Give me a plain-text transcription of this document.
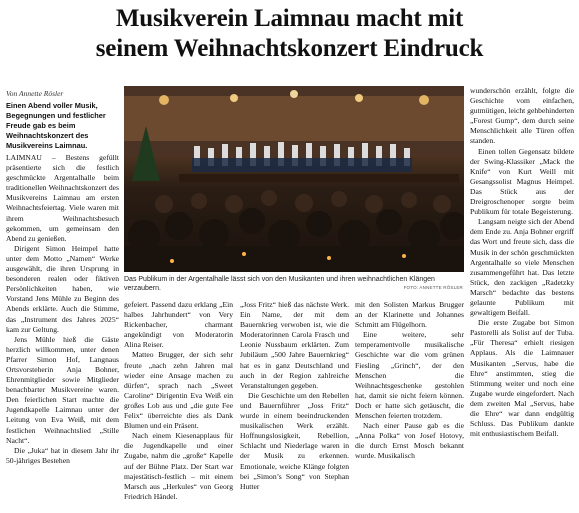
Musikverein Laimnau macht mit
seinem Weihnachtskonzert Eindruck
Von Annette Rösler
Einen Abend voller Musik, Begegnungen und festlicher Freude gab es beim Weihnachtskonzert des Musikvereins Laimnau.

LAIMNAU – Bestens gefüllt präsentierte sich die festlich geschmückte Argentalhalle beim traditionellen Weihnachtskonzert des Musikvereins Laimnau am ersten Weihnachtsfeiertag. Viele waren mit ihrem Weihnachtsbesuch gekommen, um gemeinsam den Abend zu genießen.

Dirigent Simon Heimpel hatte unter dem Motto „Namen“ Werke ausgewählt, die ihren Ursprung in besonderen realen oder fiktiven Persönlichkeiten haben, wie Vorstand Jens Mühle zu Beginn des Abends erklärte. Auch die Stimme, das „Instrument des Jahres 2025“ kam zur Geltung.

Jens Mühle hieß die Gäste herzlich willkommen, unter denen Pfarrer Simon Hof, Langnaus Ortsvorsteherin Anja Bohner, Ehrenmitglieder sowie Mitglieder benachbarter Musikvereine waren. Den feierlichen Start machte die Jugendkapelle Laimnau unter der Leitung von Eva Weiß, mit dem festlichen Weihnachtslied „Stille Nacht“.

Die „Juka“ hat in diesem Jahr ihr 50-jähriges Bestehen

Das Publikum in der Argentalhalle lässt sich von den Musikanten und ihren weihnachtlichen Klängen verzaubern.	FOTO: ANNETTE RÖSLER

gefeiert. Passend dazu erklang „Ein halbes Jahrhundert“ von Very Rickenbacher, charmant angekündigt von Moderatorin Alina Reiser.

Matteo Brugger, der sich sehr freute „nach zehn Jahren mal wieder eine Ansage machen zu dürfen“, sprach nach „Sweet Caroline“ Dirigentin Eva Weiß ein großes Lob aus und „die gute Fee Felix“ überreichte dies als Dank Blumen und ein Präsent.

Nach einem Kiesenapplaus für die Jugendkapelle und einer Zugabe, nahm die „große“ Kapelle auf der Bühne Platz. Der Start war majestätisch-festlich – mit einem Marsch aus „Herkules“ von Georg Friedrich Händel.

„Joss Fritz“ hieß das nächste Werk. Ein Name, der mit dem Bauernkrieg verwoben ist, wie die Moderatorinnen Carola Frasch und Leonie Nussbaum erklärten. Zum Jubiläum „500 Jahre Bauernkrieg“ hat es in ganz Deutschland und auch in der Region zahlreiche Veranstaltungen gegeben.

Die Geschichte um den Rebellen und Bauernführer „Joss Fritz“ wurde in einem beeindruckenden musikalischen Werk erzählt. Hoffnungslosigkeit, Rebellion, Schlacht und Niederlage waren in der Musik zu erkennen. Emotionale, weiche Klänge folgten bei „Simon’s Song“ von Stephan Hutter

mit den Solisten Markus Brugger an der Klarinette und Johannes Schmitt am Flügelhorn.

Eine weitere, sehr temperamentvolle musikalische Geschichte war die vom grünen Fiesling „Grinch“, der den Menschen die Weihnachtsgeschenke gestohlen hat, damit sie nicht feiern können. Doch er hatte sich getäuscht, die Menschen feierten trotzdem.

Nach einer Pause gab es die „Anna Polka“ von Josef Hotovy, die durch Ernst Mosch bekannt wurde. Musikalisch

wunderschön erzählt, folgte die Geschichte vom einfachen, gutmütigen, leicht gehbehinderten „Forest Gump“, dem durch seine Menschlichkeit alle Türen offen standen.

Einen tollen Gegensatz bildete der Swing-Klassiker „Mack the Knife“ von Kurt Weill mit Gesangssolist Magnus Heimpel. Das Stück aus der Dreigroschenoper sorgte beim Publikum für totale Begeisterung.

Langsam neigte sich der Abend dem Ende zu. Anja Bohner ergriff das Wort und freute sich, dass die Musik in der schön geschmückten Argentalhalle so viele Menschen zusammengeführt hat. Das letzte Stück, den zackigen „Radetzky Marsch“ bedachte das bestens gelaunte Publikum mit gewaltigem Beifall.

Die erste Zugabe bot Simon Pastorelli als Solist auf der Tuba. „Für Theresa“ erhielt riesigen Applaus. Als die Laimnauer Musikanten „Servus, habe die Ehre“ anstimmten, stieg die Stimmung weiter und noch eine Zugabe wurde eingefordert. Nach dem zweiten Mal „Servus, habe die Ehre“ war dann endgültig Schluss. Das Publikum dankte mit enthusiastischem Beifall.
